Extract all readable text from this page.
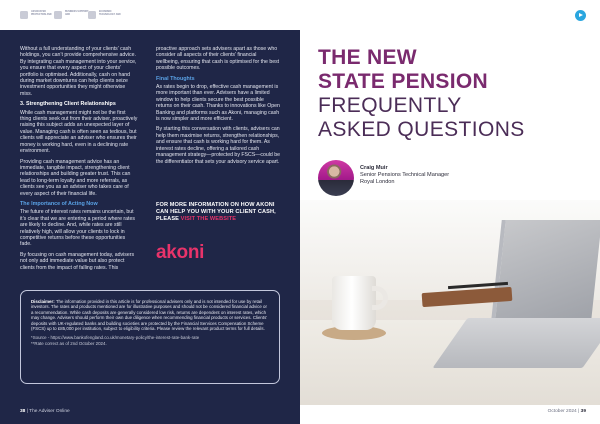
ASSOCIATED PROTECTION AND
BUSINESS SUPPORT AND
ECONOMIC TECHNOLOGY AND

Without a full understanding of your clients’ cash holdings, you can’t provide comprehensive advice. By integrating cash management into your service, you ensure that every aspect of your clients’ portfolio is optimised. Additionally, cash on hand during market downturns can help clients seize investment opportunities they might otherwise miss.

3. Strengthening Client Relationships

While cash management might not be the first thing clients seek out from their adviser, proactively raising this subject adds an unexpected layer of value. Managing cash is often seen as tedious, but clients will appreciate an adviser who ensures their money is working hard, even in a declining rate environment.

Providing cash management advice has an immediate, tangible impact, strengthening client relationships and building greater trust. This can lead to long-term loyalty and more referrals, as clients see you as an adviser who takes care of every aspect of their financial life.

The Importance of Acting Now

The future of interest rates remains uncertain, but it’s clear that we are entering a period where rates are likely to decline. And, while rates are still relatively high, will allow your clients to lock in competitive returns before these opportunities fade.

By focusing on cash management today, advisers not only add immediate value but also protect clients from the impact of falling rates. This

proactive approach sets advisers apart as those who consider all aspects of their clients’ financial wellbeing, ensuring that cash is optimised for the best possible outcomes.

Final Thoughts

As rates begin to drop, effective cash management is more important than ever. Advisers have a limited window to help clients secure the best possible returns on their cash. Thanks to innovations like Open Banking and platforms such as Akoni, managing cash is now simpler and more efficient.

By starting this conversation with clients, advisers can help them maximise returns, strengthen relationships, and ensure that cash is working hard for them. As interest rates decline, offering a tailored cash management strategy—protected by FSCS—could be the differentiator that sets your advisory service apart.

FOR MORE INFORMATION ON HOW AKONI CAN HELP YOU WITH YOUR CLIENT CASH, PLEASE VISIT THE WEBSITE
akoni
Disclaimer: The information provided in this article is for professional advisers only and is not intended for use by retail investors. The rates and products mentioned are for illustrative purposes and should not be considered financial advice or a recommendation. While cash deposits are generally considered low risk, returns are dependent on interest rates, which may change. Advisers should perform their own due diligence when recommending financial products or services. Clients’ deposits with UK-regulated banks and building societies are protected by the Financial Services Compensation Scheme (FSCS) up to £85,000 per institution, subject to eligibility criteria. Please review the relevant product terms for full details.
*Source - https://www.bankofengland.co.uk/monetary-policy/the-interest-rate-bank-rate
**Rate correct as of 2nd October 2024.
38 | The Adviser Online
THE NEW
STATE PENSION
FREQUENTLY
ASKED QUESTIONS
Craig Muir
Senior Pensions Technical Manager
Royal London
October 2024 | 39
